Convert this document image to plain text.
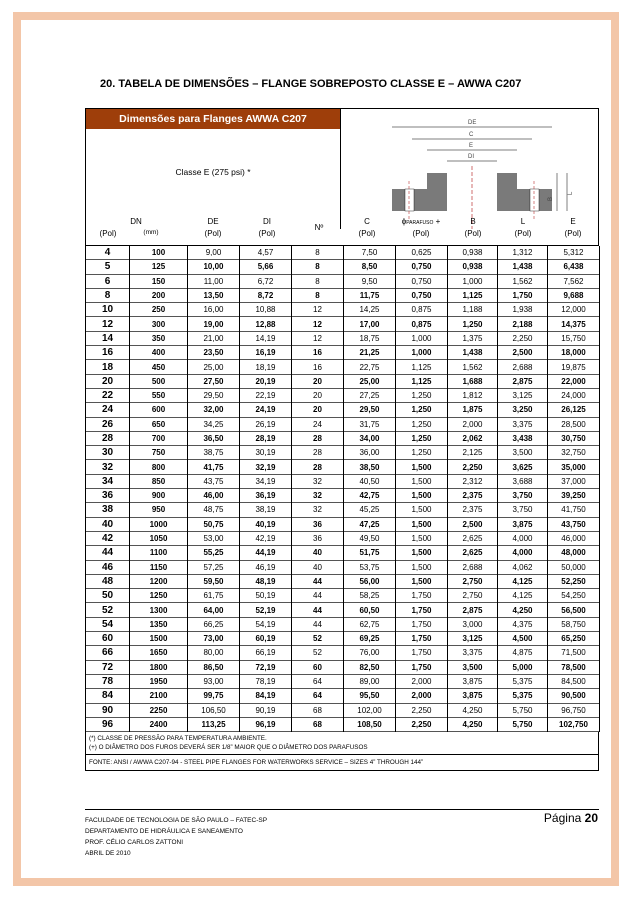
20. TABELA DE DIMENSÕES – FLANGE SOBREPOSTO CLASSE E – AWWA C207
Dimensões para Flanges AWWA C207
Classe E (275 psi) *
DE
C
E
DI
B
L
DN
(Pol)	(mm)
DE
(Pol)
DI
(Pol)
Nº
C
(Pol)
ϕPARAFUSO +
(Pol)
B
(Pol)
L
(Pol)
E
(Pol)
4	100	9,00	4,57	8	7,50	0,625	0,938	1,312	5,312
5	125	10,00	5,66	8	8,50	0,750	0,938	1,438	6,438
6	150	11,00	6,72	8	9,50	0,750	1,000	1,562	7,562
8	200	13,50	8,72	8	11,75	0,750	1,125	1,750	9,688
10	250	16,00	10,88	12	14,25	0,875	1,188	1,938	12,000
12	300	19,00	12,88	12	17,00	0,875	1,250	2,188	14,375
14	350	21,00	14,19	12	18,75	1,000	1,375	2,250	15,750
16	400	23,50	16,19	16	21,25	1,000	1,438	2,500	18,000
18	450	25,00	18,19	16	22,75	1,125	1,562	2,688	19,875
20	500	27,50	20,19	20	25,00	1,125	1,688	2,875	22,000
22	550	29,50	22,19	20	27,25	1,250	1,812	3,125	24,000
24	600	32,00	24,19	20	29,50	1,250	1,875	3,250	26,125
26	650	34,25	26,19	24	31,75	1,250	2,000	3,375	28,500
28	700	36,50	28,19	28	34,00	1,250	2,062	3,438	30,750
30	750	38,75	30,19	28	36,00	1,250	2,125	3,500	32,750
32	800	41,75	32,19	28	38,50	1,500	2,250	3,625	35,000
34	850	43,75	34,19	32	40,50	1,500	2,312	3,688	37,000
36	900	46,00	36,19	32	42,75	1,500	2,375	3,750	39,250
38	950	48,75	38,19	32	45,25	1,500	2,375	3,750	41,750
40	1000	50,75	40,19	36	47,25	1,500	2,500	3,875	43,750
42	1050	53,00	42,19	36	49,50	1,500	2,625	4,000	46,000
44	1100	55,25	44,19	40	51,75	1,500	2,625	4,000	48,000
46	1150	57,25	46,19	40	53,75	1,500	2,688	4,062	50,000
48	1200	59,50	48,19	44	56,00	1,500	2,750	4,125	52,250
50	1250	61,75	50,19	44	58,25	1,750	2,750	4,125	54,250
52	1300	64,00	52,19	44	60,50	1,750	2,875	4,250	56,500
54	1350	66,25	54,19	44	62,75	1,750	3,000	4,375	58,750
60	1500	73,00	60,19	52	69,25	1,750	3,125	4,500	65,250
66	1650	80,00	66,19	52	76,00	1,750	3,375	4,875	71,500
72	1800	86,50	72,19	60	82,50	1,750	3,500	5,000	78,500
78	1950	93,00	78,19	64	89,00	2,000	3,875	5,375	84,500
84	2100	99,75	84,19	64	95,50	2,000	3,875	5,375	90,500
90	2250	106,50	90,19	68	102,00	2,250	4,250	5,750	96,750
96	2400	113,25	96,19	68	108,50	2,250	4,250	5,750	102,750
(*) CLASSE DE PRESSÃO PARA TEMPERATURA AMBIENTE.
(+) O DIÂMETRO DOS FUROS DEVERÁ SER 1/8” MAIOR QUE O DIÂMETRO DOS PARAFUSOS
FONTE: ANSI / AWWA C207-94 - STEEL PIPE FLANGES FOR WATERWORKS SERVICE – SIZES 4” THROUGH 144”
FACULDADE DE TECNOLOGIA DE SÃO PAULO – FATEC-SP
DEPARTAMENTO DE HIDRÁULICA E SANEAMENTO
PROF. CÉLIO CARLOS ZATTONI
ABRIL DE 2010
Página 20
